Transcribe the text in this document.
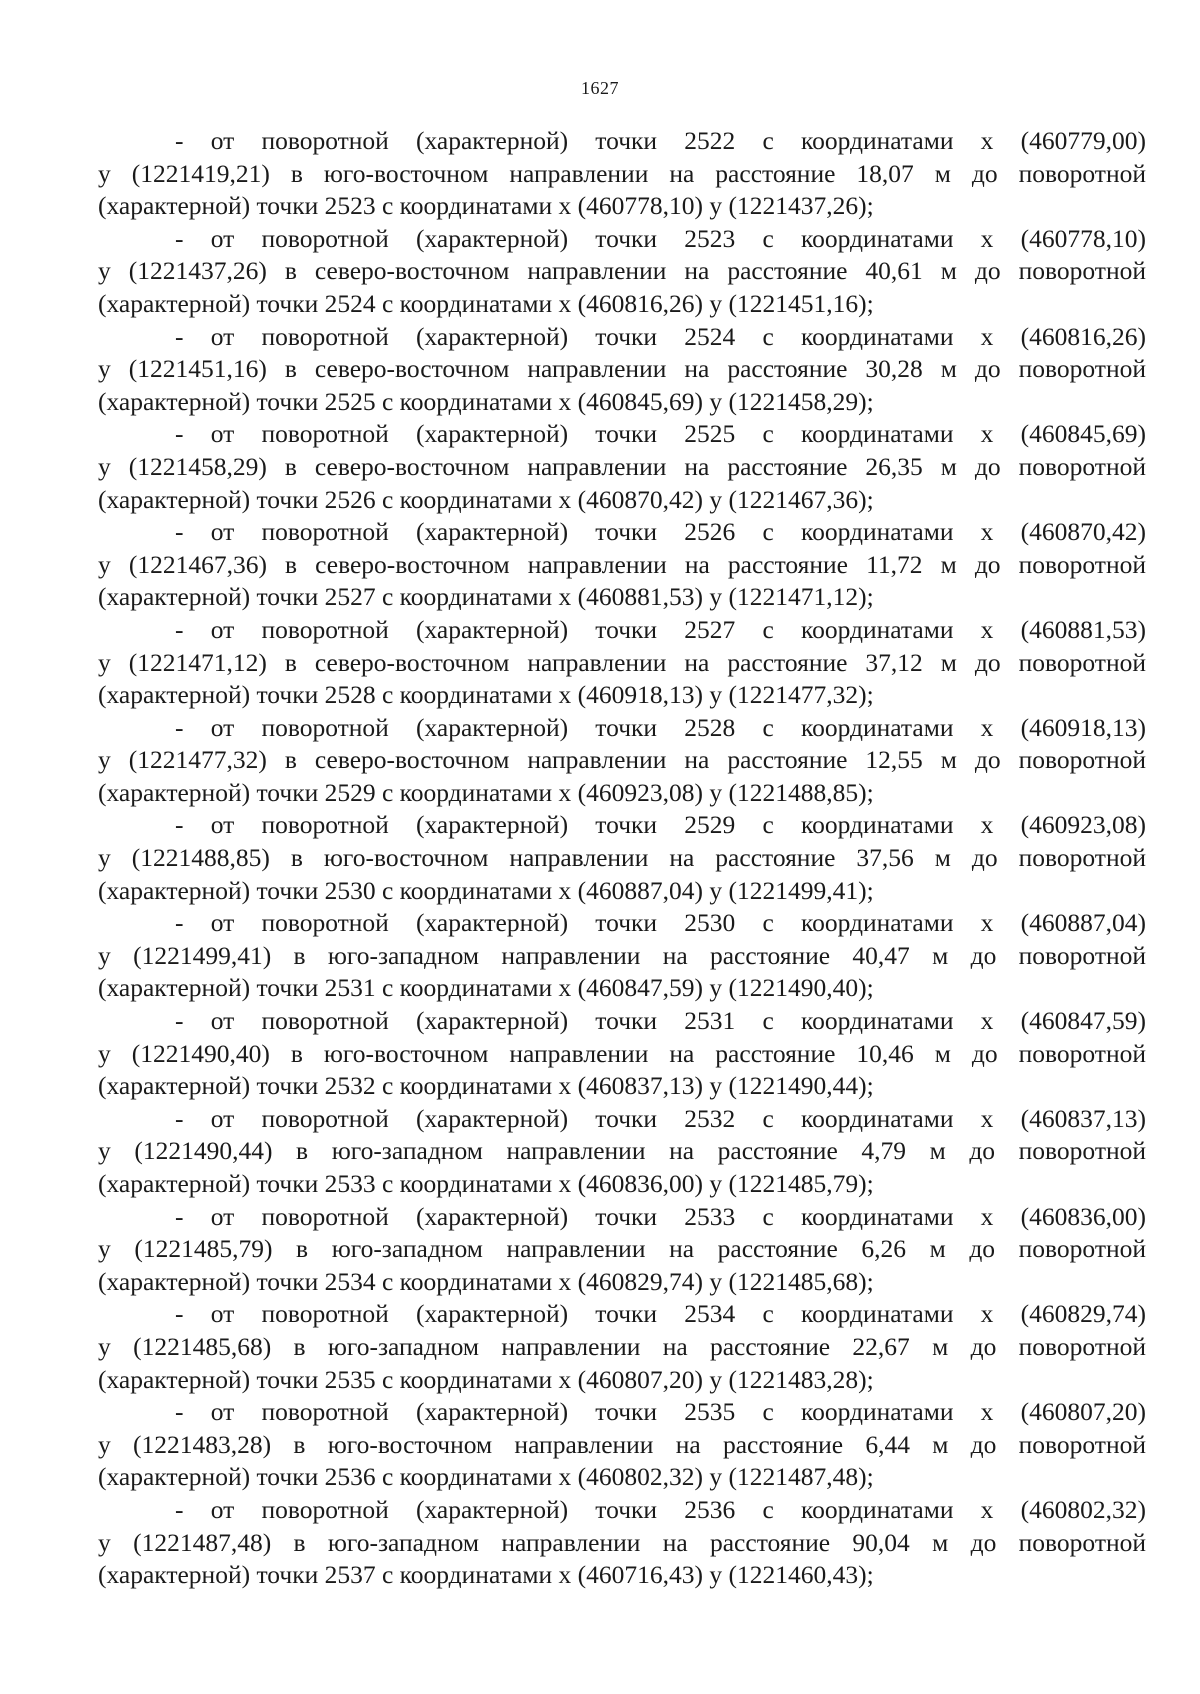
1627
- от поворотной (характерной) точки 2522 с координатами х (460779,00)
у (1221419,21) в юго-восточном направлении на расстояние 18,07 м до поворотной
(характерной) точки 2523 с координатами х (460778,10) у (1221437,26);
- от поворотной (характерной) точки 2523 с координатами х (460778,10)
у (1221437,26) в северо-восточном направлении на расстояние 40,61 м до поворотной
(характерной) точки 2524 с координатами х (460816,26) у (1221451,16);
- от поворотной (характерной) точки 2524 с координатами х (460816,26)
у (1221451,16) в северо-восточном направлении на расстояние 30,28 м до поворотной
(характерной) точки 2525 с координатами х (460845,69) у (1221458,29);
- от поворотной (характерной) точки 2525 с координатами х (460845,69)
у (1221458,29) в северо-восточном направлении на расстояние 26,35 м до поворотной
(характерной) точки 2526 с координатами х (460870,42) у (1221467,36);
- от поворотной (характерной) точки 2526 с координатами х (460870,42)
у (1221467,36) в северо-восточном направлении на расстояние 11,72 м до поворотной
(характерной) точки 2527 с координатами х (460881,53) у (1221471,12);
- от поворотной (характерной) точки 2527 с координатами х (460881,53)
у (1221471,12) в северо-восточном направлении на расстояние 37,12 м до поворотной
(характерной) точки 2528 с координатами х (460918,13) у (1221477,32);
- от поворотной (характерной) точки 2528 с координатами х (460918,13)
у (1221477,32) в северо-восточном направлении на расстояние 12,55 м до поворотной
(характерной) точки 2529 с координатами х (460923,08) у (1221488,85);
- от поворотной (характерной) точки 2529 с координатами х (460923,08)
у (1221488,85) в юго-восточном направлении на расстояние 37,56 м до поворотной
(характерной) точки 2530 с координатами х (460887,04) у (1221499,41);
- от поворотной (характерной) точки 2530 с координатами х (460887,04)
у (1221499,41) в юго-западном направлении на расстояние 40,47 м до поворотной
(характерной) точки 2531 с координатами х (460847,59) у (1221490,40);
- от поворотной (характерной) точки 2531 с координатами х (460847,59)
у (1221490,40) в юго-восточном направлении на расстояние 10,46 м до поворотной
(характерной) точки 2532 с координатами х (460837,13) у (1221490,44);
- от поворотной (характерной) точки 2532 с координатами х (460837,13)
у (1221490,44) в юго-западном направлении на расстояние 4,79 м до поворотной
(характерной) точки 2533 с координатами х (460836,00) у (1221485,79);
- от поворотной (характерной) точки 2533 с координатами х (460836,00)
у (1221485,79) в юго-западном направлении на расстояние 6,26 м до поворотной
(характерной) точки 2534 с координатами х (460829,74) у (1221485,68);
- от поворотной (характерной) точки 2534 с координатами х (460829,74)
у (1221485,68) в юго-западном направлении на расстояние 22,67 м до поворотной
(характерной) точки 2535 с координатами х (460807,20) у (1221483,28);
- от поворотной (характерной) точки 2535 с координатами х (460807,20)
у (1221483,28) в юго-восточном направлении на расстояние 6,44 м до поворотной
(характерной) точки 2536 с координатами х (460802,32) у (1221487,48);
- от поворотной (характерной) точки 2536 с координатами х (460802,32)
у (1221487,48) в юго-западном направлении на расстояние 90,04 м до поворотной
(характерной) точки 2537 с координатами х (460716,43) у (1221460,43);
